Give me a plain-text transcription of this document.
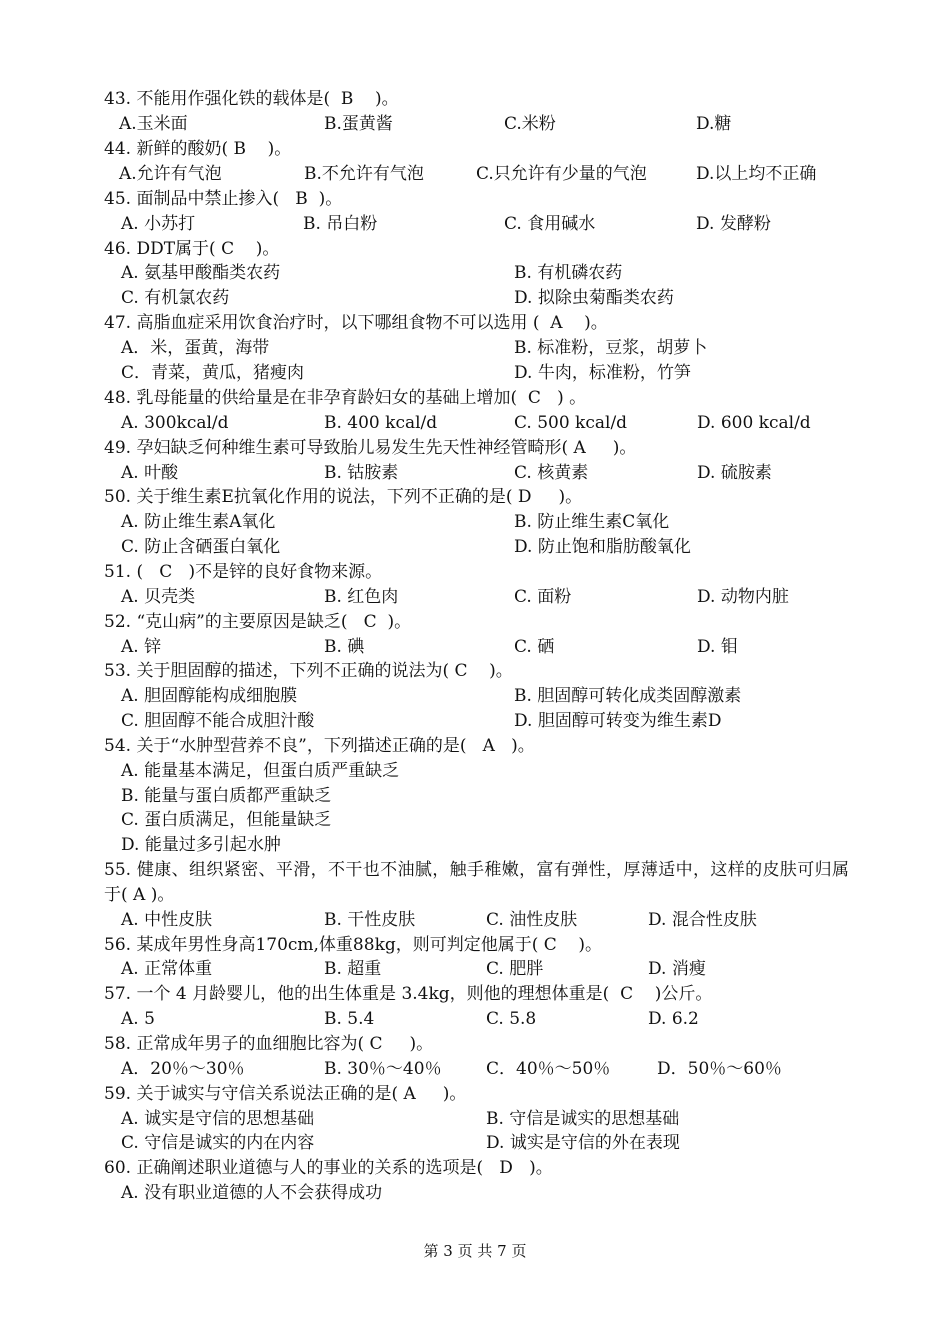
43. 不能用作强化铁的载体是(  B    )。
A.玉米面	B.蛋黄酱	C.米粉	D.糖
44. 新鲜的酸奶( B    )。
A.允许有气泡	B.不允许有气泡	C.只允许有少量的气泡	D.以上均不正确
45. 面制品中禁止掺入(   B  )。
A. 小苏打	B. 吊白粉	C. 食用碱水	D. 发酵粉
46. DDT属于( C    )。
A. 氨基甲酸酯类农药	B. 有机磷农药
C. 有机氯农药	D. 拟除虫菊酯类农药
47. 高脂血症采用饮食治疗时，以下哪组食物不可以选用 (  A    )。
A．米，蛋黄，海带	B. 标准粉，豆浆，胡萝卜
C．青菜，黄瓜，猪瘦肉	D. 牛肉，标准粉，竹笋
48. 乳母能量的供给量是在非孕育龄妇女的基础上增加(  C   ) 。
A. 300kcal/d	B. 400 kcal/d	C. 500 kcal/d	D. 600 kcal/d
49. 孕妇缺乏何种维生素可导致胎儿易发生先天性神经管畸形( A     )。
A. 叶酸	B. 钴胺素	C. 核黄素	D. 硫胺素
50. 关于维生素E抗氧化作用的说法，下列不正确的是( D     )。
A. 防止维生素A氧化	B. 防止维生素C氧化
C. 防止含硒蛋白氧化	D. 防止饱和脂肪酸氧化
51. (   C   )不是锌的良好食物来源。
A. 贝壳类	B. 红色肉	C. 面粉	D. 动物内脏
52. “克山病”的主要原因是缺乏(   C  )。
A. 锌	B. 碘	C. 硒	D. 钼
53. 关于胆固醇的描述，下列不正确的说法为( C    )。
A. 胆固醇能构成细胞膜	B. 胆固醇可转化成类固醇激素
C. 胆固醇不能合成胆汁酸	D. 胆固醇可转变为维生素D
54. 关于“水肿型营养不良”，下列描述正确的是(   A   )。
A. 能量基本满足，但蛋白质严重缺乏
B. 能量与蛋白质都严重缺乏
C. 蛋白质满足，但能量缺乏
D. 能量过多引起水肿
55. 健康、组织紧密、平滑，不干也不油腻，触手稚嫩，富有弹性，厚薄适中，这样的皮肤可归属于( A )。
A. 中性皮肤	B. 干性皮肤	C. 油性皮肤	D. 混合性皮肤
56. 某成年男性身高170cm,体重88kg，则可判定他属于( C    )。
A. 正常体重	B. 超重	C. 肥胖	D. 消瘦
57. 一个 4 月龄婴儿，他的出生体重是 3.4kg，则他的理想体重是(  C    )公斤。
A. 5	B. 5.4	C. 5.8	D. 6.2
58. 正常成年男子的血细胞比容为( C     )。
A．20％～30％	B. 30％～40％	C．40％～50％	D．50％～60％
59. 关于诚实与守信关系说法正确的是( A     )。
A. 诚实是守信的思想基础	B. 守信是诚实的思想基础
C. 守信是诚实的内在内容	D. 诚实是守信的外在表现
60. 正确阐述职业道德与人的事业的关系的选项是(   D   )。
A. 没有职业道德的人不会获得成功
第 3 页 共 7 页
